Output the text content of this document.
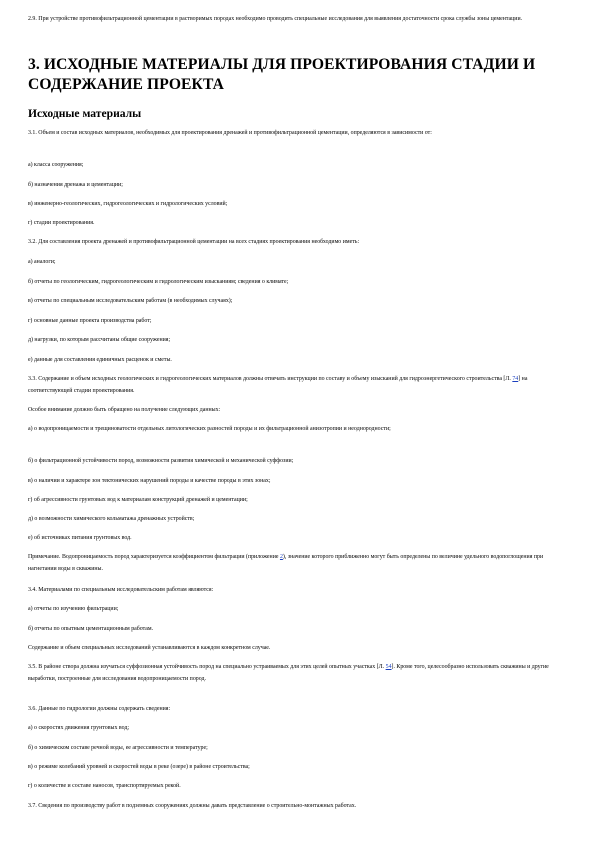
2.9. При устройстве противофильтрационной цементации в растворимых породах необходимо проводить специальные исследования для выявления достаточности срока службы зоны цементации.
3. ИСХОДНЫЕ МАТЕРИАЛЫ ДЛЯ ПРОЕКТИРОВАНИЯ СТАДИИ И СОДЕРЖАНИЕ ПРОЕКТА
Исходные материалы
3.1. Объем и состав исходных материалов, необходимых для проектирования дренажей и противофильтрационной цементации, определяются в зависимости от:
а) класса сооружения;
б) назначения дренажа и цементации;
в) инженерно-геологических, гидрогеологических и гидрологических условий;
г) стадии проектирования.
3.2. Для составления проекта дренажей и противофильтрационной цементации на всех стадиях проектирования необходимо иметь:
а) аналоги;
б) отчеты по геологическим, гидрогеологическим и гидрологическим изысканиям; сведения о климате;
в) отчеты по специальным исследовательским работам (в необходимых случаях);
г) основные данные проекта производства работ;
д) нагрузки, по которым рассчитаны общие сооружения;
е) данные для составления единичных расценок и сметы.
3.3. Содержание и объем исходных геологических и гидрогеологических материалов должны отвечать инструкции по составу и объему изысканий для гидроэнергетического строительства [Л. 74] на соответствующей стадии проектирования.
Особое внимание должно быть обращено на получение следующих данных:
а) о водопроницаемости и трещиноватости отдельных литологических разностей породы и их фильтрационной анизотропии и неоднородности;
б) о фильтрационной устойчивости пород, возможности развития химической и механической суффозии;
в) о наличии и характере зон тектонических нарушений породы и качестве породы в этих зонах;
г) об агрессивности грунтовых вод к материалам конструкций дренажей и цементации;
д) о возможности химического кольматажа дренажных устройств;
е) об источниках питания грунтовых вод.
Примечание. Водопроницаемость пород характеризуется коэффициентом фильтрации (приложение 2), значение которого приближенно могут быть определены по величине удельного водопоглощения при нагнетании воды в скважины.
3.4. Материалами по специальным исследовательским работам являются:
а) отчеты по изучению фильтрации;
б) отчеты по опытным цементационным работам.
Содержание и объем специальных исследований устанавливаются в каждом конкретном случае.
3.5. В районе створа должна изучаться суффозионная устойчивость пород на специально устраиваемых для этих целей опытных участках [Л. 54]. Кроме того, целесообразно использовать скважины и другие выработки, построенные для исследования водопроницаемости пород.
3.6. Данные по гидрологии должны содержать сведения:
а) о скоростях движения грунтовых вод;
б) о химическом составе речной воды, ее агрессивности и температуре;
в) о режиме колебаний уровней и скоростей воды в реке (озере) в районе строительства;
г) о количестве и составе наносов, транспортируемых рекой.
3.7. Сведения по производству работ в подземных сооружениях должны давать представление о строительно-монтажных работах.
